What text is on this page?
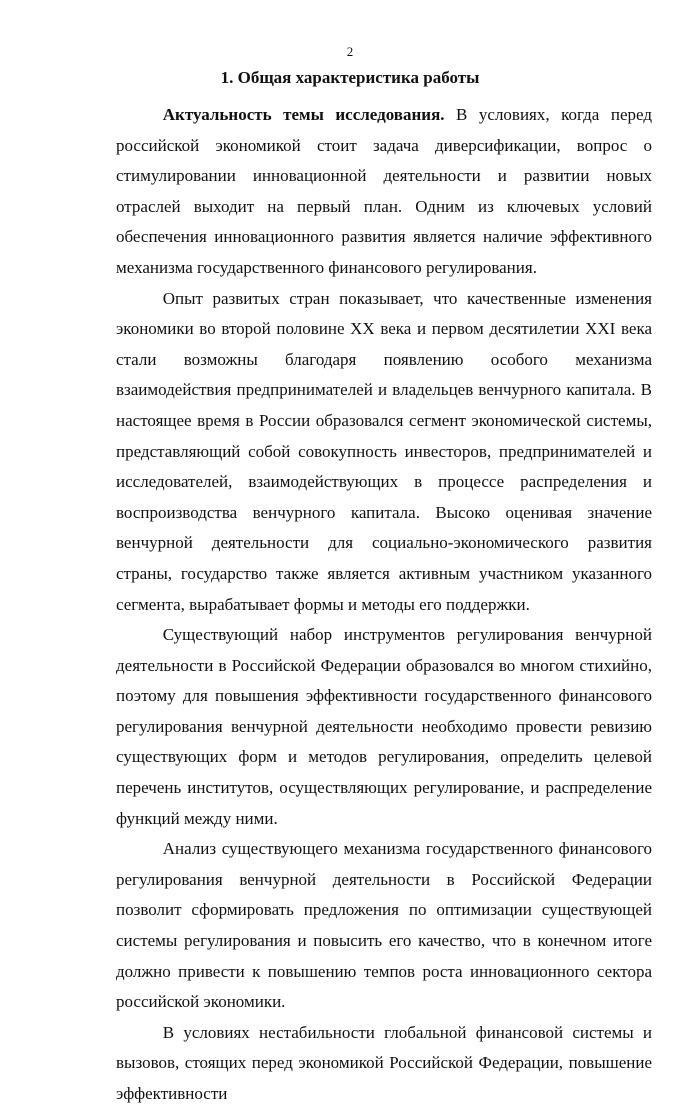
2
1. Общая характеристика работы

Актуальность темы исследования. В условиях, когда перед российской экономикой стоит задача диверсификации, вопрос о стимулировании инновационной деятельности и развитии новых отраслей выходит на первый план. Одним из ключевых условий обеспечения инновационного развития является наличие эффективного механизма государственного финансового регулирования.

Опыт развитых стран показывает, что качественные изменения экономики во второй половине XX века и первом десятилетии XXI века стали возможны благодаря появлению особого механизма взаимодействия предпринимателей и владельцев венчурного капитала. В настоящее время в России образовался сегмент экономической системы, представляющий собой совокупность инвесторов, предпринимателей и исследователей, взаимодействующих в процессе распределения и воспроизводства венчурного капитала. Высоко оценивая значение венчурной деятельности для социально-экономического развития страны, государство также является активным участником указанного сегмента, вырабатывает формы и методы его поддержки.

Существующий набор инструментов регулирования венчурной деятельности в Российской Федерации образовался во многом стихийно, поэтому для повышения эффективности государственного финансового регулирования венчурной деятельности необходимо провести ревизию существующих форм и методов регулирования, определить целевой перечень институтов, осуществляющих регулирование, и распределение функций между ними.

Анализ существующего механизма государственного финансового регулирования венчурной деятельности в Российской Федерации позволит сформировать предложения по оптимизации существующей системы регулирования и повысить его качество, что в конечном итоге должно привести к повышению темпов роста инновационного сектора российской экономики.

В условиях нестабильности глобальной финансовой системы и вызовов, стоящих перед экономикой Российской Федерации, повышение эффективности
